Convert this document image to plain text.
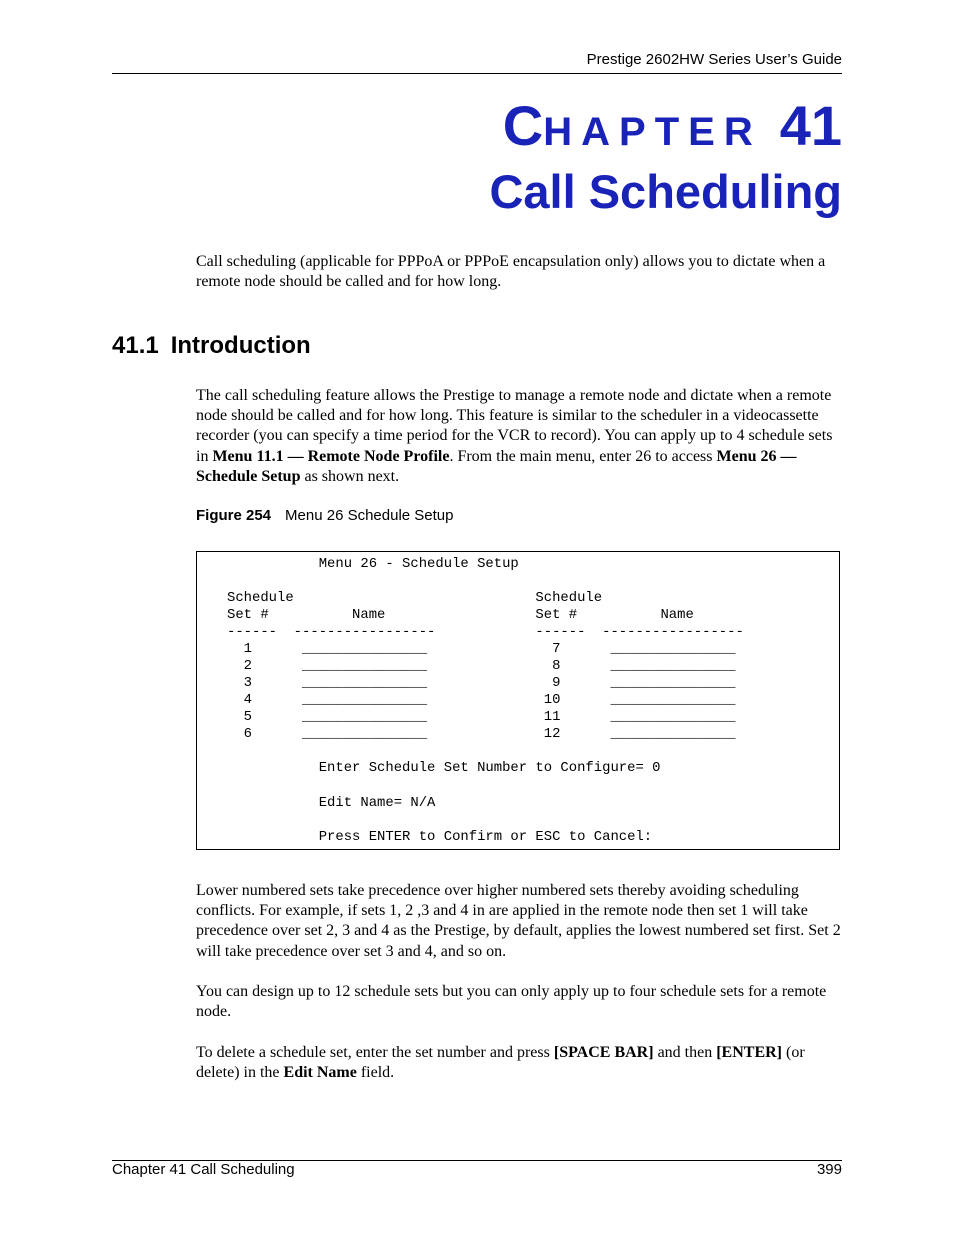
Prestige 2602HW Series User’s Guide
CHAPTER 41
Call Scheduling
Call scheduling (applicable for PPPoA or PPPoE encapsulation only) allows you to dictate when a remote node should be called and for how long.
41.1 Introduction
The call scheduling feature allows the Prestige to manage a remote node and dictate when a remote node should be called and for how long. This feature is similar to the scheduler in a videocassette recorder (you can specify a time period for the VCR to record). You can apply up to 4 schedule sets in Menu 11.1 — Remote Node Profile. From the main menu, enter 26 to access Menu 26 — Schedule Setup as shown next.
Figure 254 Menu 26 Schedule Setup
Menu 26 - Schedule Setup
Schedule                             Schedule
Set #          Name                  Set #          Name
------  -----------------            ------  -----------------
1      _______________               7      _______________
2      _______________               8      _______________
3      _______________               9      _______________
4      _______________              10      _______________
5      _______________              11      _______________
6      _______________              12      _______________
Enter Schedule Set Number to Configure= 0
Edit Name= N/A
Press ENTER to Confirm or ESC to Cancel:
Lower numbered sets take precedence over higher numbered sets thereby avoiding scheduling conflicts. For example, if sets 1, 2 ,3 and 4 in are applied in the remote node then set 1 will take precedence over set 2, 3 and 4 as the Prestige, by default, applies the lowest numbered set first. Set 2 will take precedence over set 3 and 4, and so on.
You can design up to 12 schedule sets but you can only apply up to four schedule sets for a remote node.
To delete a schedule set, enter the set number and press [SPACE BAR] and then [ENTER] (or delete) in the Edit Name field.
Chapter 41 Call Scheduling	399
